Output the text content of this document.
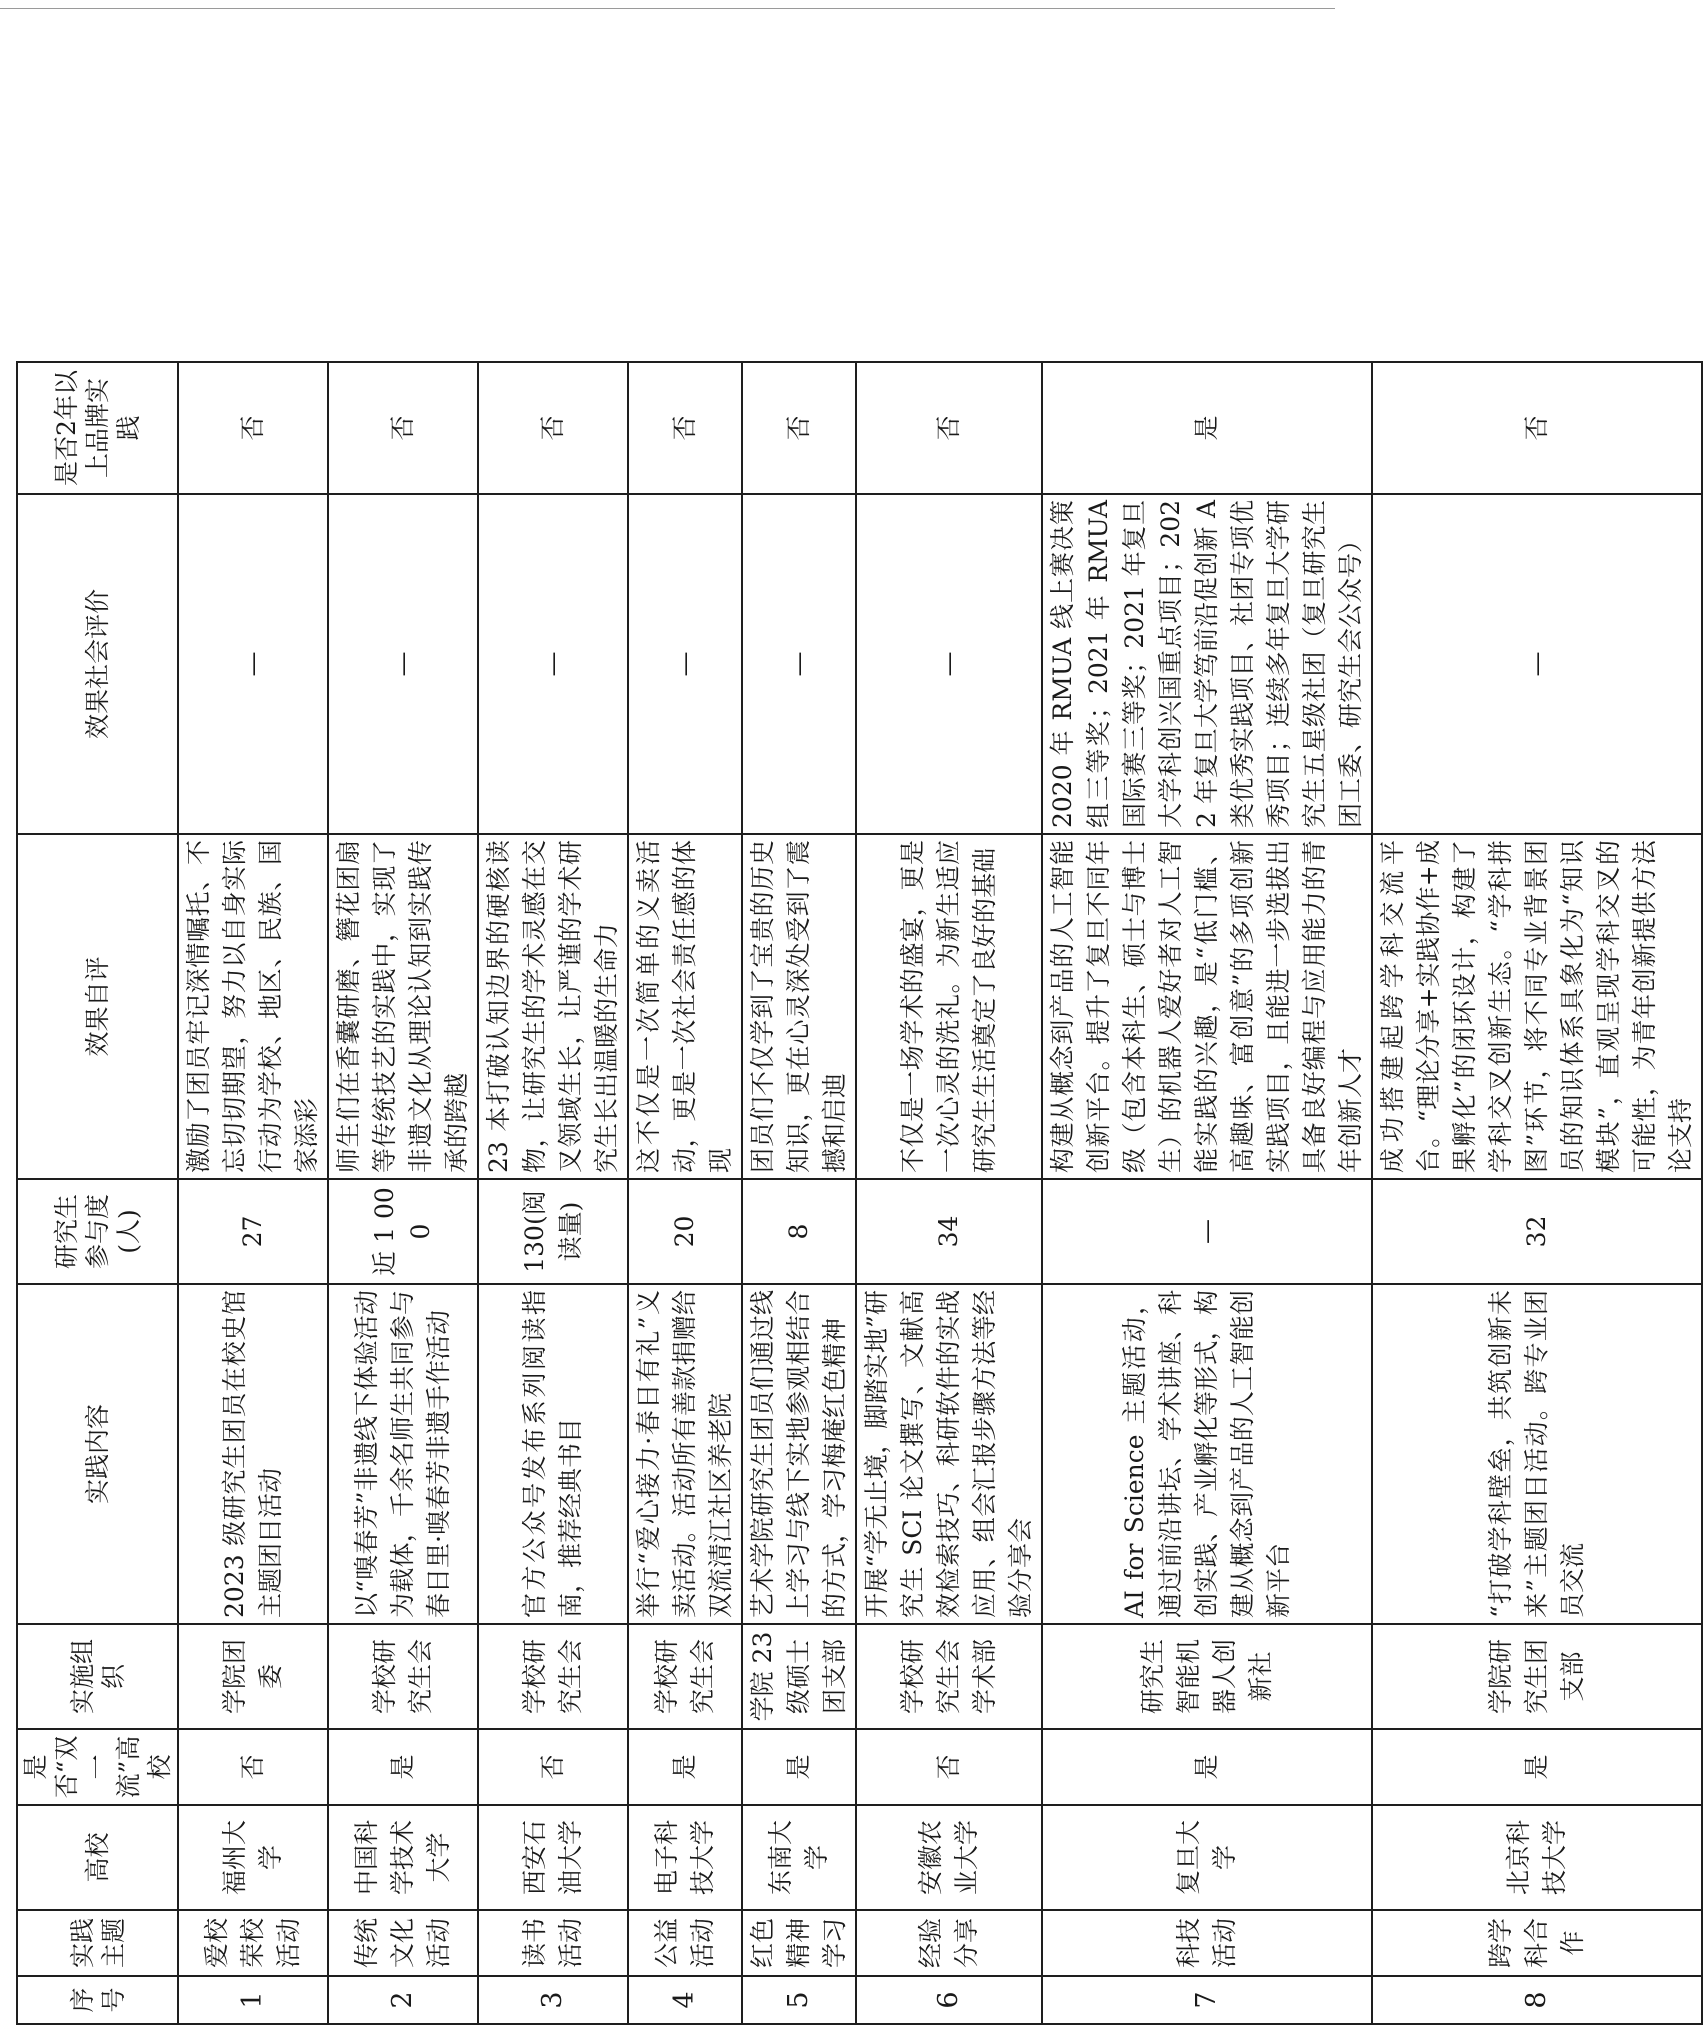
序号	实践主题	高校	是否“双一流”高校	实施组织	实践内容	研究生参与度(人)	效果自评	效果社会评价	是否2年以上品牌实践
1	爱校荣校活动	福州大学	否	学院团委	2023 级研究生团员在校史馆主题团日活动	27	激励了团员牢记深情嘱托、不忘切切期望，努力以自身实际行动为学校、地区、民族、国家添彩	—	否
2	传统文化活动	中国科学技术大学	是	学校研究生会	以“嗅春芳”非遗线下体验活动为载体，千余名师生共同参与春日里·嗅春芳非遗手作活动	近 1 000	师生们在香囊研磨、簪花团扇等传统技艺的实践中，实现了非遗文化从理论认知到实践传承的跨越	—	否
3	读书活动	西安石油大学	否	学校研究生会	官方公众号发布系列阅读指南，推荐经典书目	130(阅读量)	23 本打破认知边界的硬核读物，让研究生的学术灵感在交叉领域生长，让严谨的学术研究生长出温暖的生命力	—	否
4	公益活动	电子科技大学	是	学校研究生会	举行“爱心接力·春日有礼”义卖活动。活动所有善款捐赠给双流清江社区养老院	20	这不仅是一次简单的义卖活动，更是一次社会责任感的体现	—	否
5	红色精神学习	东南大学	是	学院 23 级硕士团支部	艺术学院研究生团员们通过线上学习与线下实地参观相结合的方式，学习梅庵红色精神	8	团员们不仅学到了宝贵的历史知识，更在心灵深处受到了震撼和启迪	—	否
6	经验分享	安徽农业大学	否	学校研究生会学术部	开展“学无止境，脚踏实地”研究生 SCI 论文撰写、文献高效检索技巧、科研软件的实战应用、组会汇报步骤方法等经验分享会	34	不仅是一场学术的盛宴，更是一次心灵的洗礼。为新生适应研究生生活奠定了良好的基础	—	否
7	科技活动	复旦大学	是	研究生智能机器人创新社	AI for Science 主题活动，通过前沿讲坛、学术讲座、科创实践、产业孵化等形式，构建从概念到产品的人工智能创新平台	—	构建从概念到产品的人工智能创新平台。提升了复旦不同年级（包含本科生、硕士与博士生）的机器人爱好者对人工智能实践的兴趣，是“低门槛、高趣味、富创意”的多项创新实践项目，且能进一步选拔出具备良好编程与应用能力的青年创新人才	2020 年 RMUA 线上赛决策组三等奖；2021 年 RMUA 国际赛三等奖；2021 年复旦大学科创兴国重点项目；2022 年复旦大学笃前沿促创新 A 类优秀实践项目、社团专项优秀项目；连续多年复旦大学研究生五星级社团（复旦研究生团工委、研究生会公众号）	是
8	跨学科合作	北京科技大学	是	学院研究生团支部	“打破学科壁垒，共筑创新未来”主题团日活动。跨专业团员交流	32	成功搭建起跨学科交流平台。“理论分享+实践协作+成果孵化”的闭环设计，构建了学科交叉创新生态。“学科拼图”环节，将不同专业背景团员的知识体系具象化为“知识模块”，直观呈现学科交叉的可能性，为青年创新提供方法论支持	—	否
